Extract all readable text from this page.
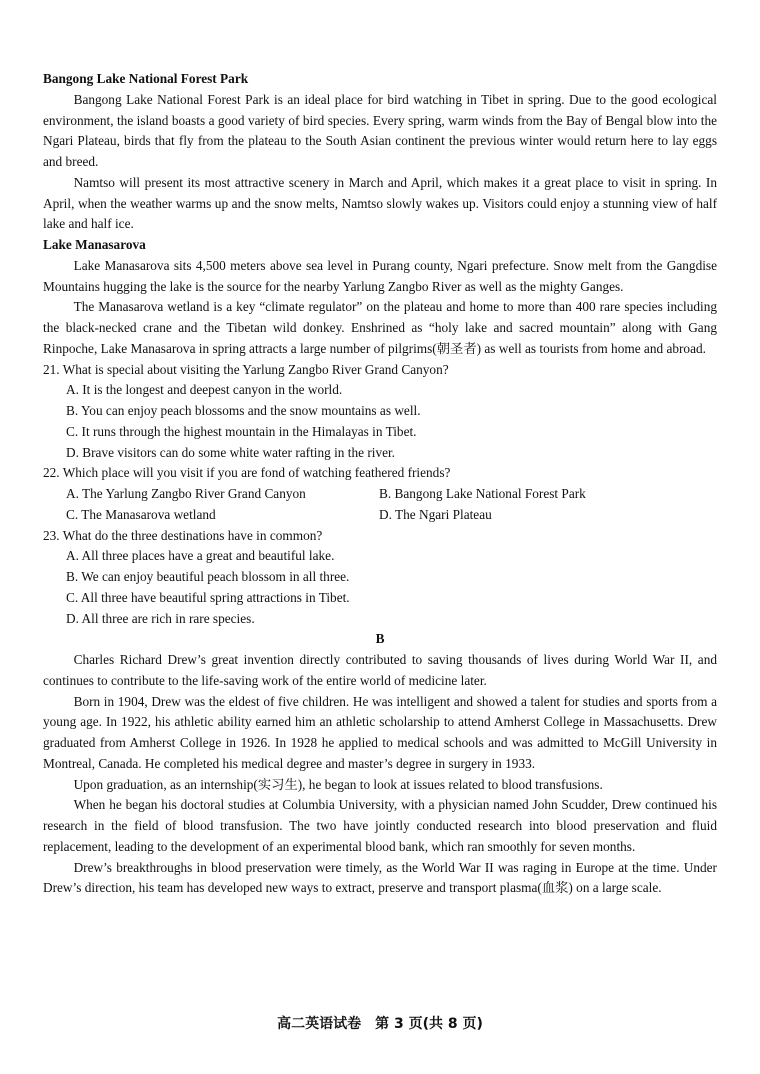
Bangong Lake National Forest Park

Bangong Lake National Forest Park is an ideal place for bird watching in Tibet in spring. Due to the good ecological environment, the island boasts a good variety of bird species. Every spring, warm winds from the Bay of Bengal blow into the Ngari Plateau, birds that fly from the plateau to the South Asian continent the previous winter would return here to lay eggs and breed.

Namtso will present its most attractive scenery in March and April, which makes it a great place to visit in spring. In April, when the weather warms up and the snow melts, Namtso slowly wakes up. Visitors could enjoy a stunning view of half lake and half ice.

Lake Manasarova

Lake Manasarova sits 4,500 meters above sea level in Purang county, Ngari prefecture. Snow melt from the Gangdise Mountains hugging the lake is the source for the nearby Yarlung Zangbo River as well as the mighty Ganges.

The Manasarova wetland is a key “climate regulator” on the plateau and home to more than 400 rare species including the black-necked crane and the Tibetan wild donkey. Enshrined as “holy lake and sacred mountain” along with Gang Rinpoche, Lake Manasarova in spring attracts a large number of pilgrims(朝圣者) as well as tourists from home and abroad.

21. What is special about visiting the Yarlung Zangbo River Grand Canyon?

A. It is the longest and deepest canyon in the world.

B. You can enjoy peach blossoms and the snow mountains as well.

C. It runs through the highest mountain in the Himalayas in Tibet.

D. Brave visitors can do some white water rafting in the river.

22. Which place will you visit if you are fond of watching feathered friends?

A. The Yarlung Zangbo River Grand Canyon	B. Bangong Lake National Forest Park

C. The Manasarova wetland	D. The Ngari Plateau

23. What do the three destinations have in common?

A. All three places have a great and beautiful lake.

B. We can enjoy beautiful peach blossom in all three.

C. All three have beautiful spring attractions in Tibet.

D. All three are rich in rare species.

B

Charles Richard Drew’s great invention directly contributed to saving thousands of lives during World War II, and continues to contribute to the life-saving work of the entire world of medicine later.

Born in 1904, Drew was the eldest of five children. He was intelligent and showed a talent for studies and sports from a young age. In 1922, his athletic ability earned him an athletic scholarship to attend Amherst College in Massachusetts. Drew graduated from Amherst College in 1926. In 1928 he applied to medical schools and was admitted to McGill University in Montreal, Canada. He completed his medical degree and master’s degree in surgery in 1933.

Upon graduation, as an internship(实习生), he began to look at issues related to blood transfusions.

When he began his doctoral studies at Columbia University, with a physician named John Scudder, Drew continued his research in the field of blood transfusion. The two have jointly conducted research into blood preservation and fluid replacement, leading to the development of an experimental blood bank, which ran smoothly for seven months.

Drew’s breakthroughs in blood preservation were timely, as the World War II was raging in Europe at the time. Under Drew’s direction, his team has developed new ways to extract, preserve and transport plasma(血浆) on a large scale.

高二英语试卷　第 3 页(共 8 页)
